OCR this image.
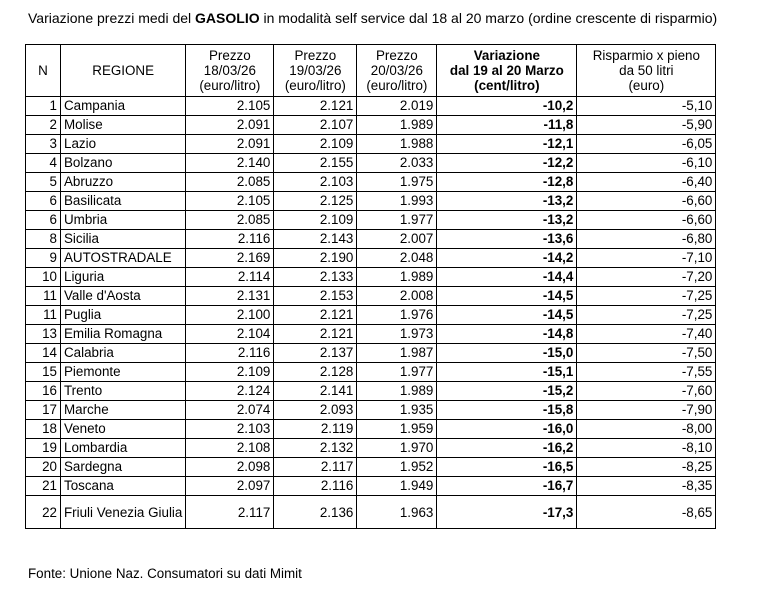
Variazione prezzi medi del GASOLIO in modalità self service dal 18 al 20 marzo (ordine crescente di risparmio)
N	REGIONE	Prezzo
18/03/26
(euro/litro)	Prezzo
19/03/26
(euro/litro)	Prezzo
20/03/26
(euro/litro)	Variazione
dal 19 al 20 Marzo
(cent/litro)	Risparmio x pieno
da 50 litri
(euro)
1	Campania	2.105	2.121	2.019	-10,2	-5,10
2	Molise	2.091	2.107	1.989	-11,8	-5,90
3	Lazio	2.091	2.109	1.988	-12,1	-6,05
4	Bolzano	2.140	2.155	2.033	-12,2	-6,10
5	Abruzzo	2.085	2.103	1.975	-12,8	-6,40
6	Basilicata	2.105	2.125	1.993	-13,2	-6,60
6	Umbria	2.085	2.109	1.977	-13,2	-6,60
8	Sicilia	2.116	2.143	2.007	-13,6	-6,80
9	AUTOSTRADALE	2.169	2.190	2.048	-14,2	-7,10
10	Liguria	2.114	2.133	1.989	-14,4	-7,20
11	Valle d'Aosta	2.131	2.153	2.008	-14,5	-7,25
11	Puglia	2.100	2.121	1.976	-14,5	-7,25
13	Emilia Romagna	2.104	2.121	1.973	-14,8	-7,40
14	Calabria	2.116	2.137	1.987	-15,0	-7,50
15	Piemonte	2.109	2.128	1.977	-15,1	-7,55
16	Trento	2.124	2.141	1.989	-15,2	-7,60
17	Marche	2.074	2.093	1.935	-15,8	-7,90
18	Veneto	2.103	2.119	1.959	-16,0	-8,00
19	Lombardia	2.108	2.132	1.970	-16,2	-8,10
20	Sardegna	2.098	2.117	1.952	-16,5	-8,25
21	Toscana	2.097	2.116	1.949	-16,7	-8,35
22	Friuli Venezia Giulia	2.117	2.136	1.963	-17,3	-8,65
Fonte: Unione Naz. Consumatori su dati Mimit
